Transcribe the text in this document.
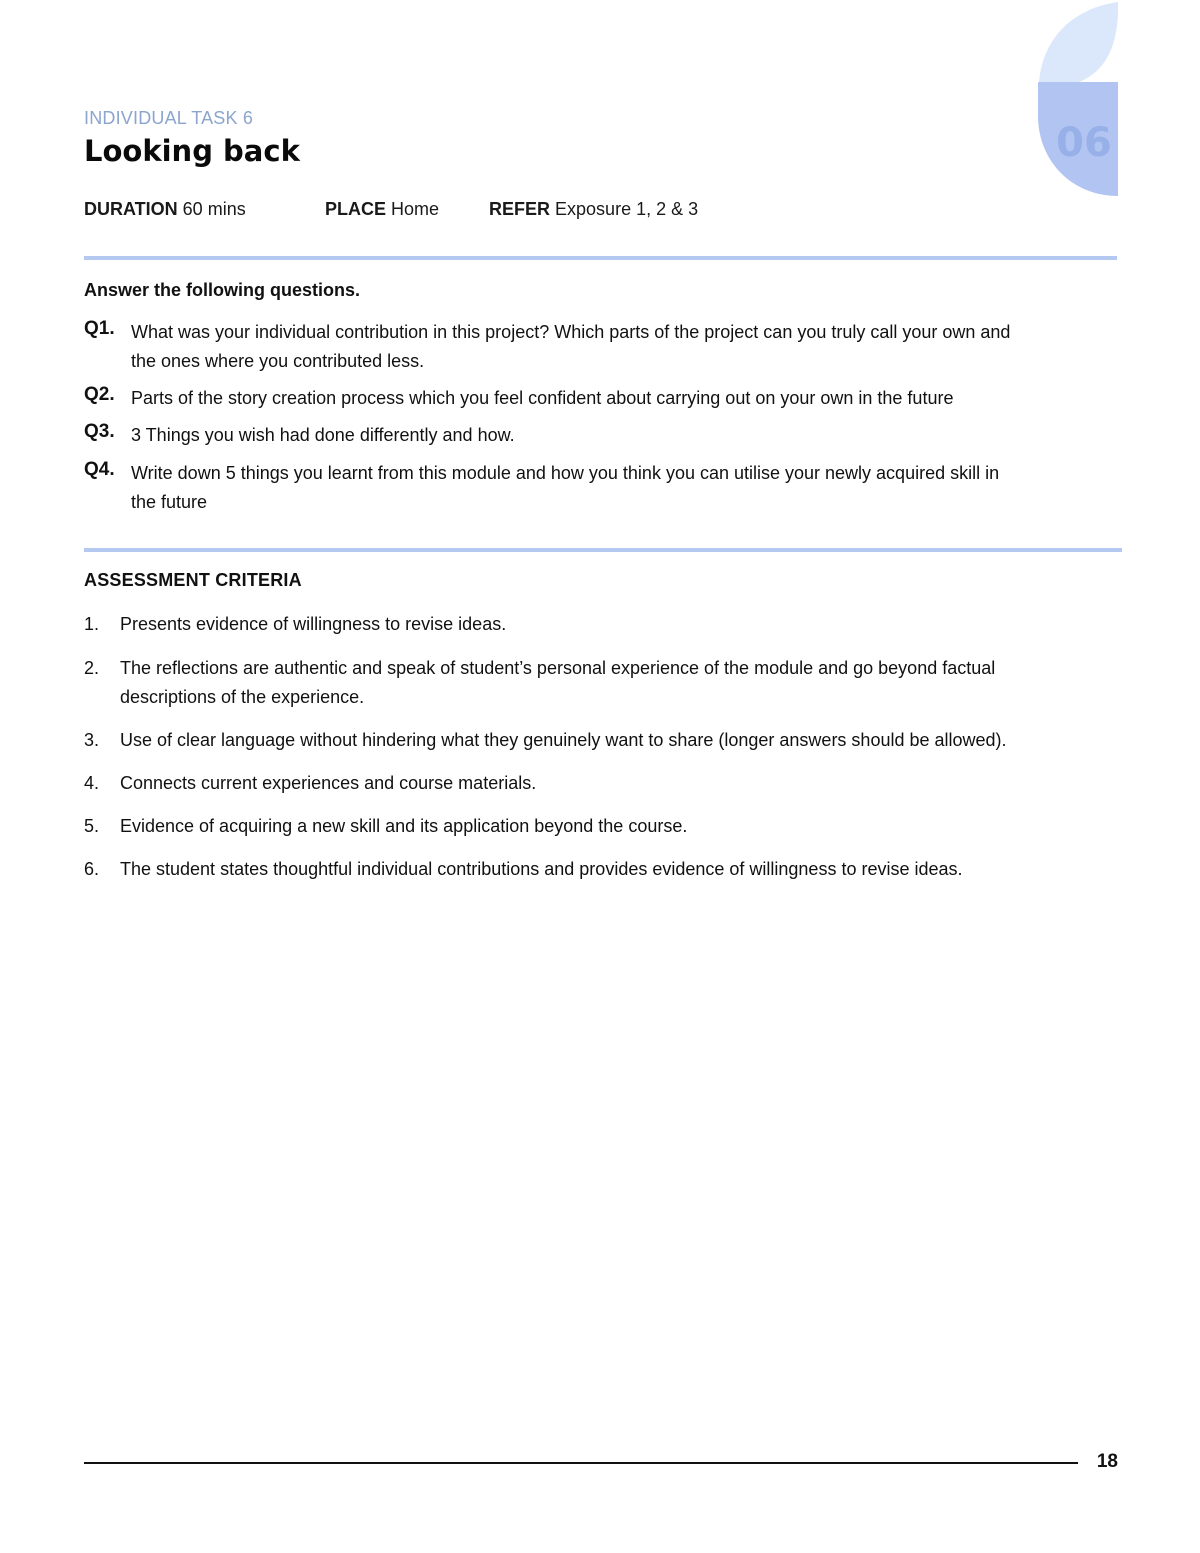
06
INDIVIDUAL TASK 6
Looking back
DURATION 60 mins	PLACE Home	REFER Exposure 1, 2 & 3
Answer the following questions.
Q1. What was your individual contribution in this project? Which parts of the project can you truly call your own and the ones where you contributed less.
Q2. Parts of the story creation process which you feel confident about carrying out on your own in the future
Q3. 3 Things you wish had done differently and how.
Q4. Write down 5 things you learnt from this module and how you think you can utilise your newly acquired skill in the future
ASSESSMENT CRITERIA
1. Presents evidence of willingness to revise ideas.
2. The reflections are authentic and speak of student’s personal experience of the module and go beyond factual descriptions of the experience.
3. Use of clear language without hindering what they genuinely want to share (longer answers should be allowed).
4. Connects current experiences and course materials.
5. Evidence of acquiring a new skill and its application beyond the course.
6. The student states thoughtful individual contributions and provides evidence of willingness to revise ideas.
18
